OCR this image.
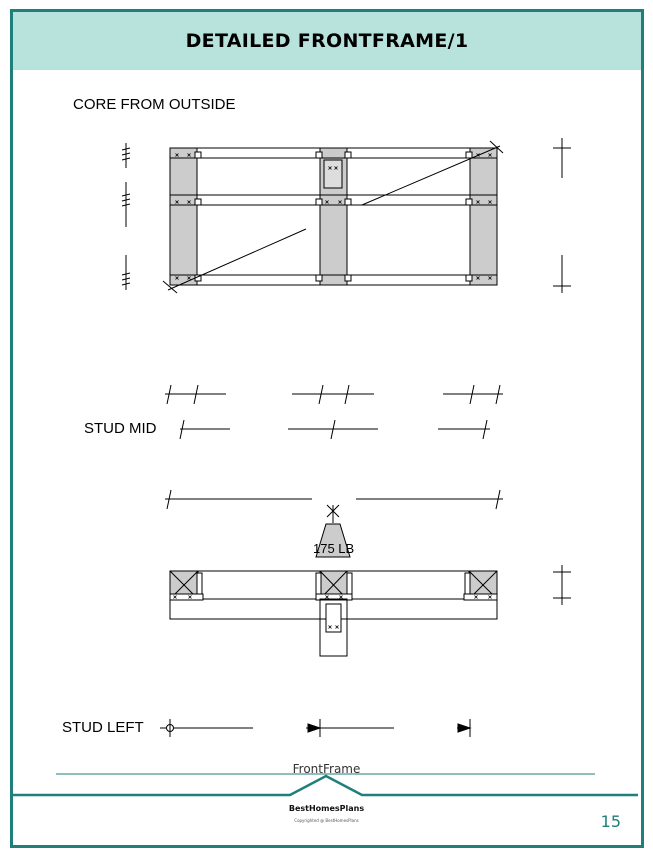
DETAILED FRONTFRAME/1
CORE FROM OUTSIDE
STUD MID
STUD LEFT
175 LB
FrontFrame
BestHomesPlans
Copyrighted @ BestHomesPlans	15
